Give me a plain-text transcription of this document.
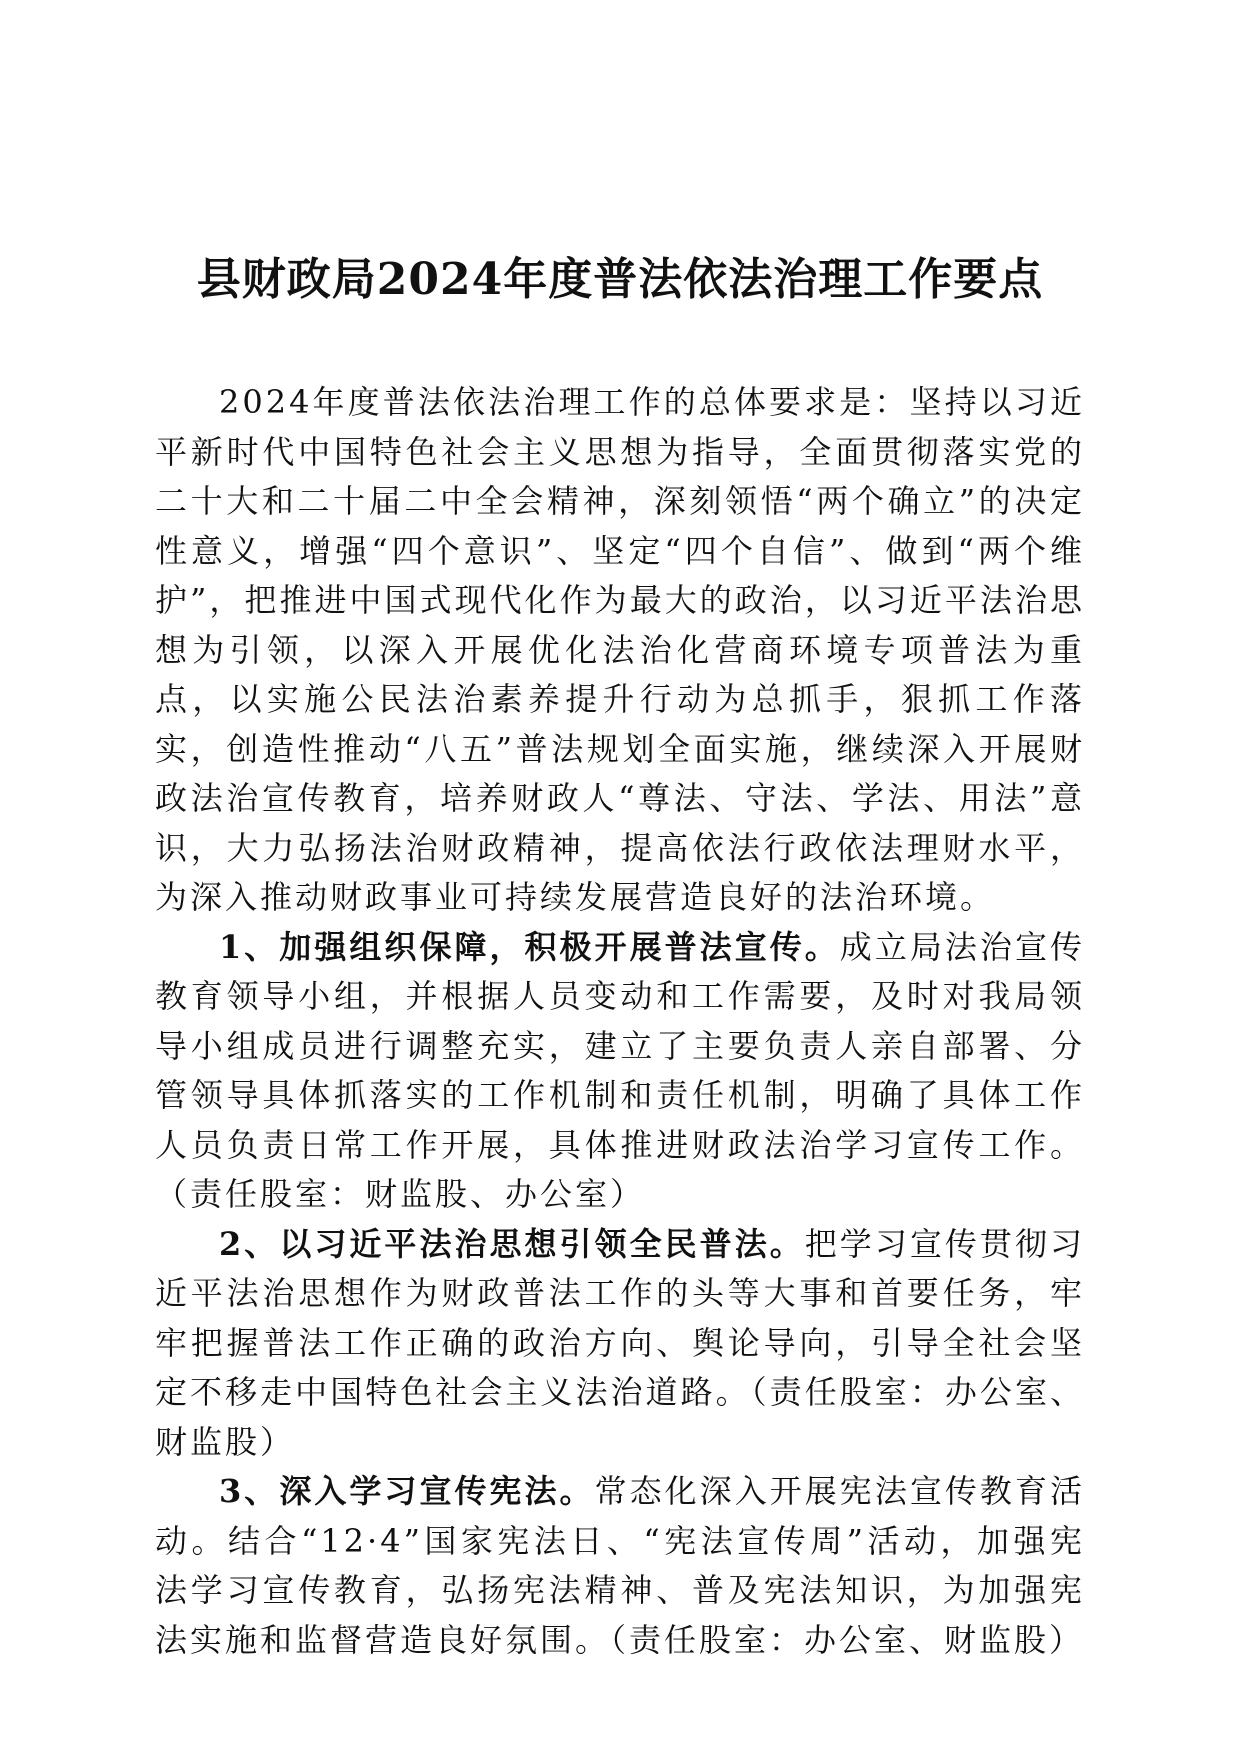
县财政局2024年度普法依法治理工作要点

2024年度普法依法治理工作的总体要求是：坚持以习近平新时代中国特色社会主义思想为指导，全面贯彻落实党的二十大和二十届二中全会精神，深刻领悟“两个确立”的决定性意义，增强“四个意识”、坚定“四个自信”、做到“两个维护”，把推进中国式现代化作为最大的政治，以习近平法治思想为引领，以深入开展优化法治化营商环境专项普法为重点，以实施公民法治素养提升行动为总抓手，狠抓工作落实，创造性推动“八五”普法规划全面实施，继续深入开展财政法治宣传教育，培养财政人“尊法、守法、学法、用法”意识，大力弘扬法治财政精神，提高依法行政依法理财水平，为深入推动财政事业可持续发展营造良好的法治环境。

1、加强组织保障，积极开展普法宣传。成立局法治宣传教育领导小组，并根据人员变动和工作需要，及时对我局领导小组成员进行调整充实，建立了主要负责人亲自部署、分管领导具体抓落实的工作机制和责任机制，明确了具体工作人员负责日常工作开展，具体推进财政法治学习宣传工作。（责任股室：财监股、办公室）

2、以习近平法治思想引领全民普法。把学习宣传贯彻习近平法治思想作为财政普法工作的头等大事和首要任务，牢牢把握普法工作正确的政治方向、舆论导向，引导全社会坚定不移走中国特色社会主义法治道路。（责任股室：办公室、财监股）

3、深入学习宣传宪法。常态化深入开展宪法宣传教育活动。结合“12·4”国家宪法日、“宪法宣传周”活动，加强宪法学习宣传教育，弘扬宪法精神、普及宪法知识，为加强宪法实施和监督营造良好氛围。（责任股室：办公室、财监股）
